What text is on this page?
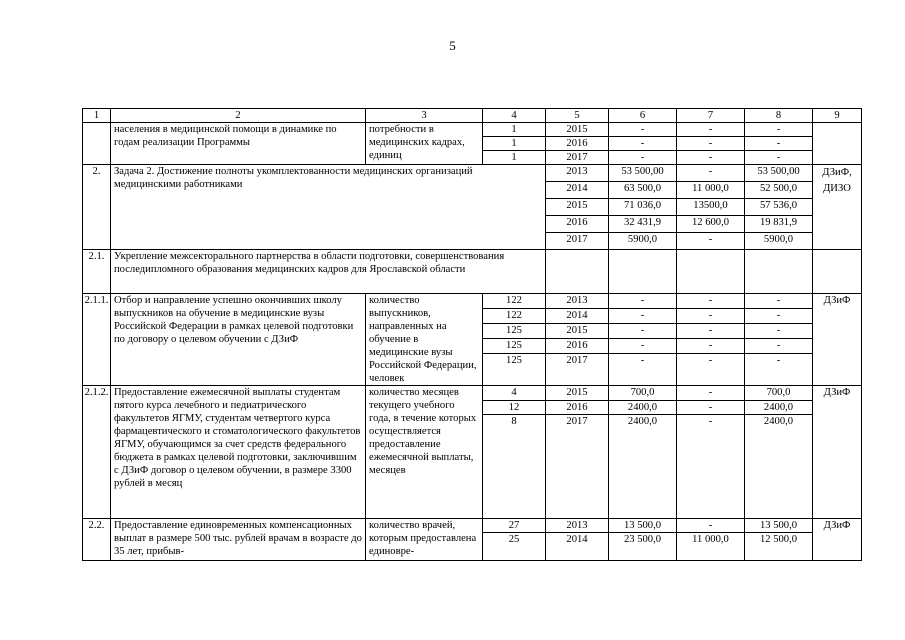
5
1	2	3	4	5	6	7	8	9
	населения в медицинской помощи в динамике по годам реализации Программы	потребности в медицинских кадрах, единиц	1	2015	-	-	-	
			1	2016	-	-	-	
			1	2017	-	-	-	
2.	Задача 2. Достижение полноты укомплектованности медицинских организаций медицинскими работниками			2013	53 500,00	-	53 500,00	ДЗиФ, ДИЗО
				2014	63 500,0	11 000,0	52 500,0	
				2015	71 036,0	13500,0	57 536,0	
				2016	32 431,9	12 600,0	19 831,9	
				2017	5900,0	-	5900,0	
2.1.	Укрепление межсекторального партнерства в области подготовки, совершенствования последипломного образования медицинских кадров для Ярославской области							
2.1.1.	Отбор и направление успешно окончивших школу выпускников на обучение в медицинские вузы Российской Федерации в рамках целевой подготовки по договору о целевом обучении с ДЗиФ	количество выпускников, направленных на обучение в медицинские вузы Российской Федерации, человек	122	2013	-	-	-	ДЗиФ
			122	2014	-	-	-	
			125	2015	-	-	-	
			125	2016	-	-	-	
			125	2017	-	-	-	
2.1.2.	Предоставление ежемесячной выплаты студентам пятого курса лечебного и педиатрического факультетов ЯГМУ, студентам четвертого курса фармацевтического и стоматологического факультетов ЯГМУ, обучающимся за счет средств федерального бюджета в рамках целевой подготовки, заключившим с ДЗиФ договор о целевом обучении, в размере 3300 рублей в месяц	количество месяцев текущего учебного года, в течение которых осуществляется предоставление ежемесячной выплаты, месяцев	4	2015	700,0	-	700,0	ДЗиФ
			12	2016	2400,0	-	2400,0	
			8	2017	2400,0	-	2400,0	
2.2.	Предоставление единовременных компенсационных выплат в размере 500 тыс. рублей врачам в возрасте до 35 лет, прибыв-	количество врачей, которым предоставлена единовре-	27	2013	13 500,0	-	13 500,0	ДЗиФ
			25	2014	23 500,0	11 000,0	12 500,0	
